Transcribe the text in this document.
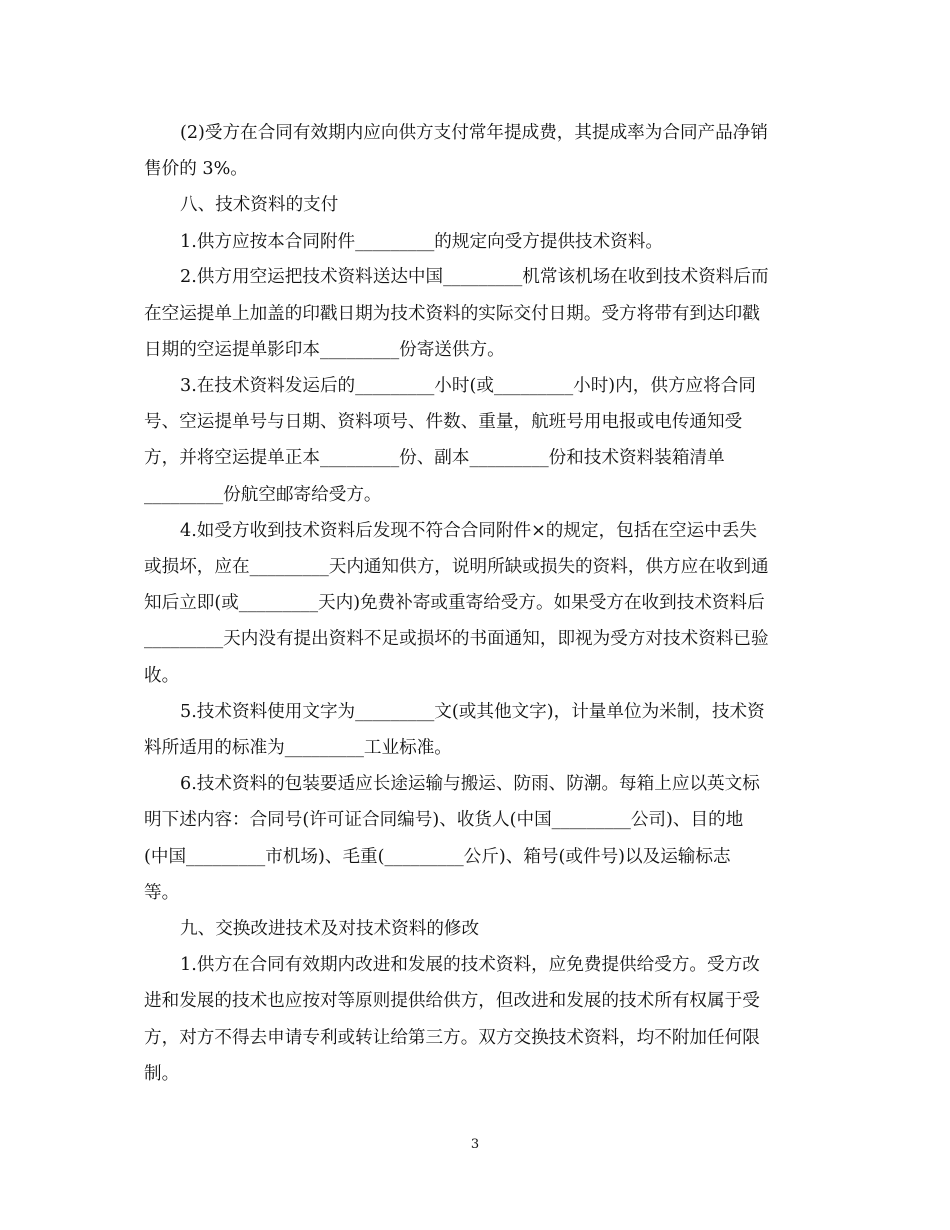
(2)受方在合同有效期内应向供方支付常年提成费，其提成率为合同产品净销
售价的 3%。
八、技术资料的支付
1.供方应按本合同附件_________的规定向受方提供技术资料。
2.供方用空运把技术资料送达中国_________机常该机场在收到技术资料后而
在空运提单上加盖的印戳日期为技术资料的实际交付日期。受方将带有到达印戳
日期的空运提单影印本_________份寄送供方。
3.在技术资料发运后的_________小时(或_________小时)内，供方应将合同
号、空运提单号与日期、资料项号、件数、重量，航班号用电报或电传通知受
方，并将空运提单正本_________份、副本_________份和技术资料装箱清单
_________份航空邮寄给受方。
4.如受方收到技术资料后发现不符合合同附件×的规定，包括在空运中丢失
或损坏，应在_________天内通知供方，说明所缺或损失的资料，供方应在收到通
知后立即(或_________天内)免费补寄或重寄给受方。如果受方在收到技术资料后
_________天内没有提出资料不足或损坏的书面通知，即视为受方对技术资料已验
收。
5.技术资料使用文字为_________文(或其他文字)，计量单位为米制，技术资
料所适用的标准为_________工业标准。
6.技术资料的包装要适应长途运输与搬运、防雨、防潮。每箱上应以英文标
明下述内容：合同号(许可证合同编号)、收货人(中国_________公司)、目的地
(中国_________市机场)、毛重(_________公斤)、箱号(或件号)以及运输标志
等。
九、交换改进技术及对技术资料的修改
1.供方在合同有效期内改进和发展的技术资料，应免费提供给受方。受方改
进和发展的技术也应按对等原则提供给供方，但改进和发展的技术所有权属于受
方，对方不得去申请专利或转让给第三方。双方交换技术资料，均不附加任何限
制。
3
